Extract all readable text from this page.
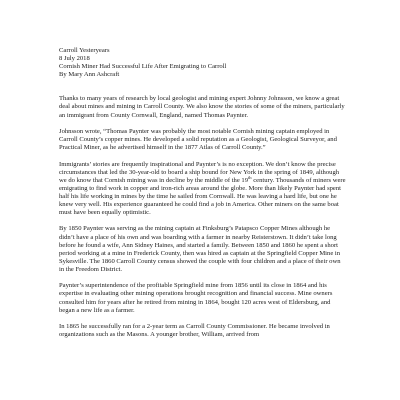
Carroll Yesteryears

8 July 2018

Cornish Miner Had Successful Life After Emigrating to Carroll

By Mary Ann Ashcraft

Thanks to many years of research by local geologist and mining expert Johnny Johnsson, we know a great deal about mines and mining in Carroll County. We also know the stories of some of the miners, particularly an immigrant from County Cornwall, England, named Thomas Paynter.

Johnsson wrote, “Thomas Paynter was probably the most notable Cornish mining captain employed in Carroll County’s copper mines. He developed a solid reputation as a Geologist, Geological Surveyor, and Practical Miner, as he advertised himself in the 1877 Atlas of Carroll County.”

Immigrants’ stories are frequently inspirational and Paynter’s is no exception. We don’t know the precise circumstances that led the 30-year-old to board a ship bound for New York in the spring of 1849, although we do know that Cornish mining was in decline by the middle of the 19th century. Thousands of miners were emigrating to find work in copper and iron-rich areas around the globe. More than likely Paynter had spent half his life working in mines by the time he sailed from Cornwall. He was leaving a hard life, but one he knew very well. His experience guaranteed he could find a job in America. Other miners on the same boat must have been equally optimistic.

By 1850 Paynter was serving as the mining captain at Finksburg’s Patapsco Copper Mines although he didn’t have a place of his own and was boarding with a farmer in nearby Reisterstown. It didn’t take long before he found a wife, Ann Sidney Haines, and started a family. Between 1850 and 1860 he spent a short period working at a mine in Frederick County, then was hired as captain at the Springfield Copper Mine in Sykesville. The 1860 Carroll County census showed the couple with four children and a place of their own in the Freedom District.

Paynter’s superintendence of the profitable Springfield mine from 1856 until its close in 1864 and his expertise in evaluating other mining operations brought recognition and financial success. Mine owners consulted him for years after he retired from mining in 1864, bought 120 acres west of Eldersburg, and began a new life as a farmer.

In 1865 he successfully ran for a 2-year term as Carroll County Commissioner. He became involved in organizations such as the Masons. A younger brother, William, arrived from
